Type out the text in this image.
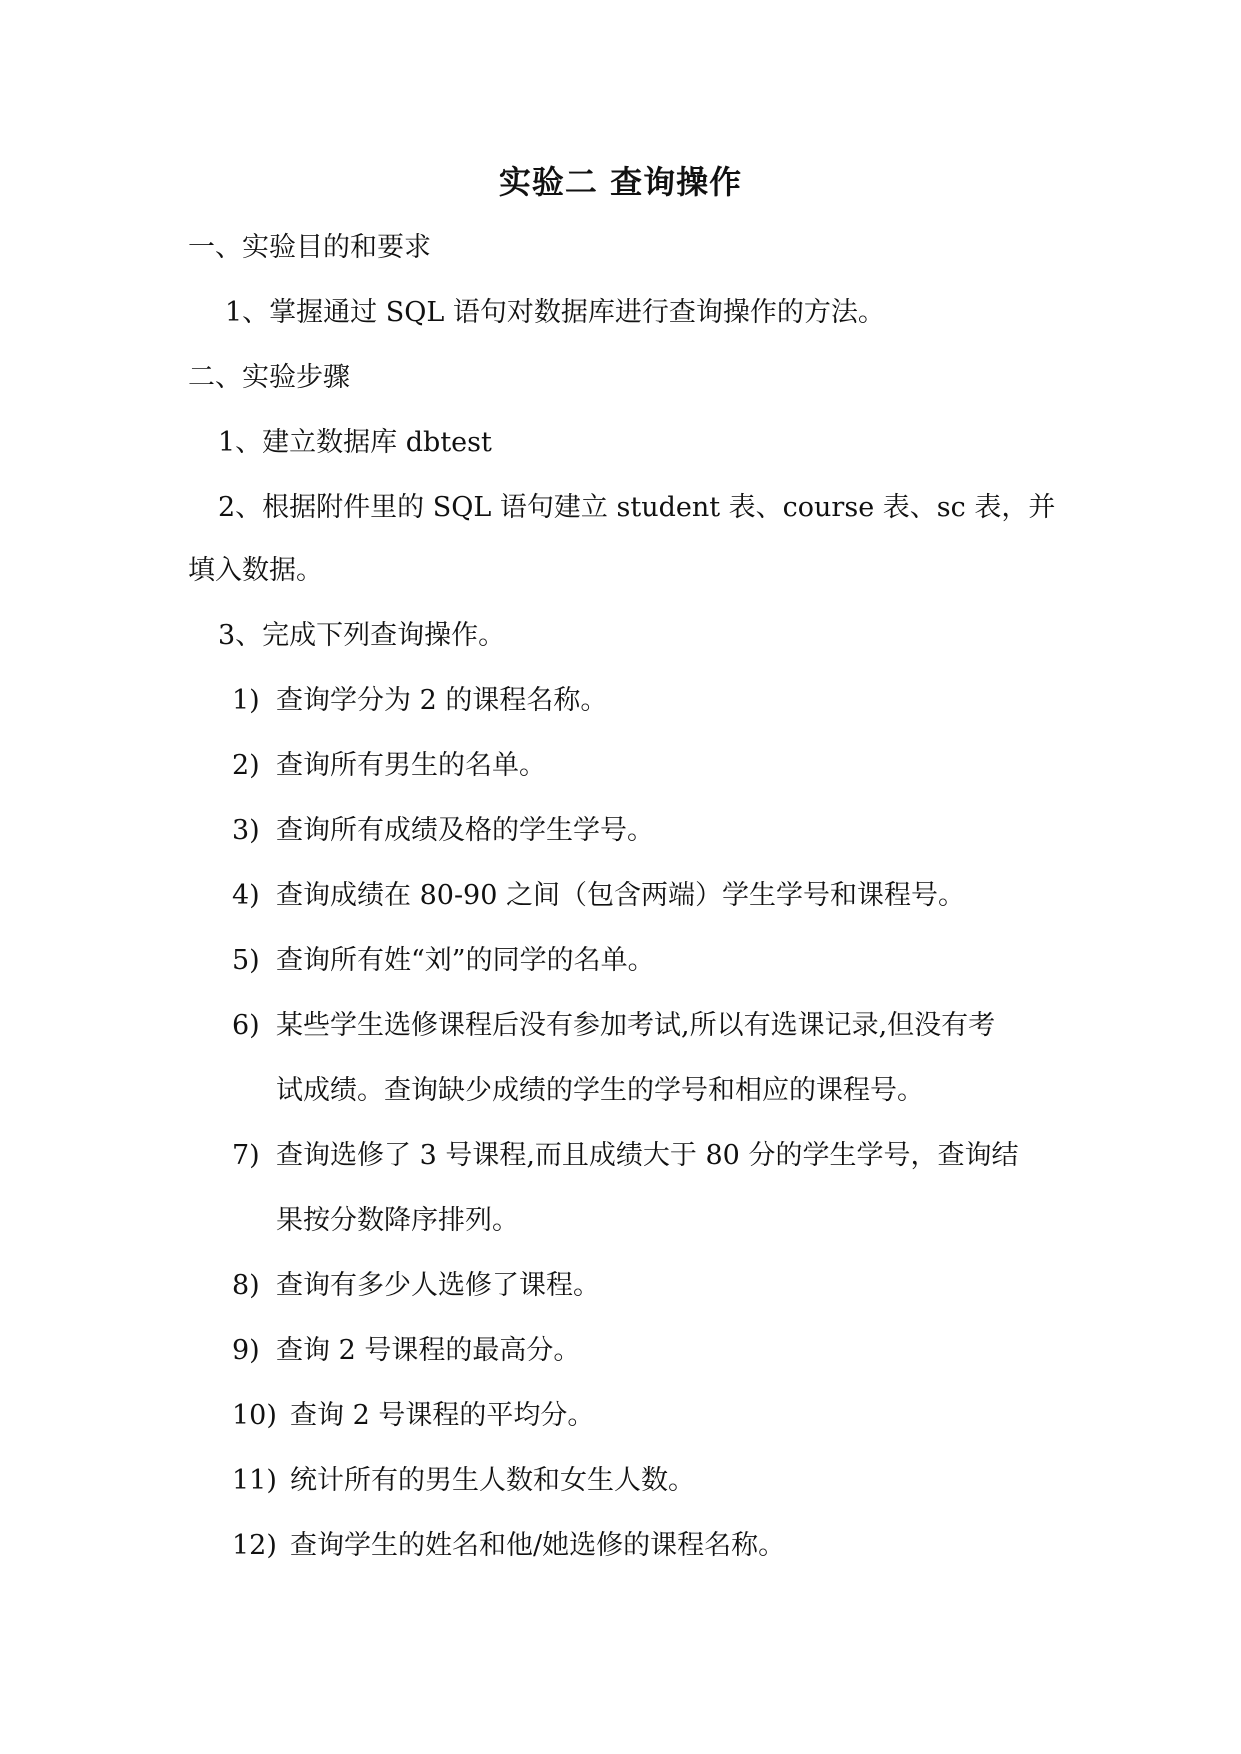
实验二 查询操作
一、实验目的和要求
1、掌握通过 SQL 语句对数据库进行查询操作的方法。
二、实验步骤
1、建立数据库 dbtest
2、根据附件里的 SQL 语句建立 student 表、course 表、sc 表，并
填入数据。
3、完成下列查询操作。
1) 查询学分为 2 的课程名称。
2) 查询所有男生的名单。
3) 查询所有成绩及格的学生学号。
4) 查询成绩在 80-90 之间（包含两端）学生学号和课程号。
5) 查询所有姓“刘”的同学的名单。
6) 某些学生选修课程后没有参加考试,所以有选课记录,但没有考
试成绩。查询缺少成绩的学生的学号和相应的课程号。
7) 查询选修了 3 号课程,而且成绩大于 80 分的学生学号，查询结
果按分数降序排列。
8) 查询有多少人选修了课程。
9) 查询 2 号课程的最高分。
10) 查询 2 号课程的平均分。
11) 统计所有的男生人数和女生人数。
12) 查询学生的姓名和他/她选修的课程名称。
